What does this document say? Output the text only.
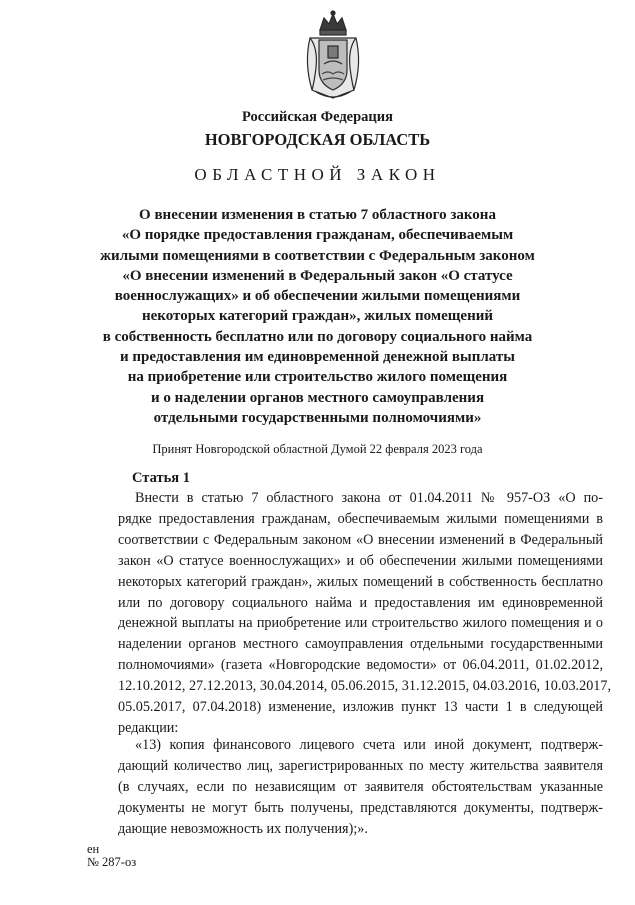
Российская Федерация
НОВГОРОДСКАЯ ОБЛАСТЬ
ОБЛАСТНОЙ ЗАКОН
О внесении изменения в статью 7 областного закона
«О порядке предоставления гражданам, обеспечиваемым
жилыми помещениями в соответствии с Федеральным законом
«О внесении изменений в Федеральный закон «О статусе
военнослужащих» и об обеспечении жилыми помещениями
некоторых категорий граждан», жилых помещений
в собственность бесплатно или по договору социального найма
и предоставления им единовременной денежной выплаты
на приобретение или строительство жилого помещения
и о наделении органов местного самоуправления
отдельными государственными полномочиями»
Принят Новгородской областной Думой 22 февраля 2023 года
Статья 1
Внести в статью 7 областного закона от 01.04.2011 № 957-ОЗ «О по-
рядке предоставления гражданам, обеспечиваемым жилыми помещениями в
соответствии с Федеральным законом «О внесении изменений в Федеральный
закон «О статусе военнослужащих» и об обеспечении жилыми помещениями
некоторых категорий граждан», жилых помещений в собственность бесплатно
или по договору социального найма и предоставления им единовременной
денежной выплаты на приобретение или строительство жилого помещения и о
наделении органов местного самоуправления отдельными государственными
полномочиями» (газета «Новгородские ведомости» от 06.04.2011, 01.02.2012,
12.10.2012, 27.12.2013, 30.04.2014, 05.06.2015, 31.12.2015, 04.03.2016, 10.03.2017,
05.05.2017, 07.04.2018) изменение, изложив пункт 13 части 1 в следующей
редакции:
«13) копия финансового лицевого счета или иной документ, подтверж-
дающий количество лиц, зарегистрированных по месту жительства заявителя
(в случаях, если по независящим от заявителя обстоятельствам указанные
документы не могут быть получены, представляются документы, подтверж-
дающие невозможность их получения);».
ен
№ 287-оз
